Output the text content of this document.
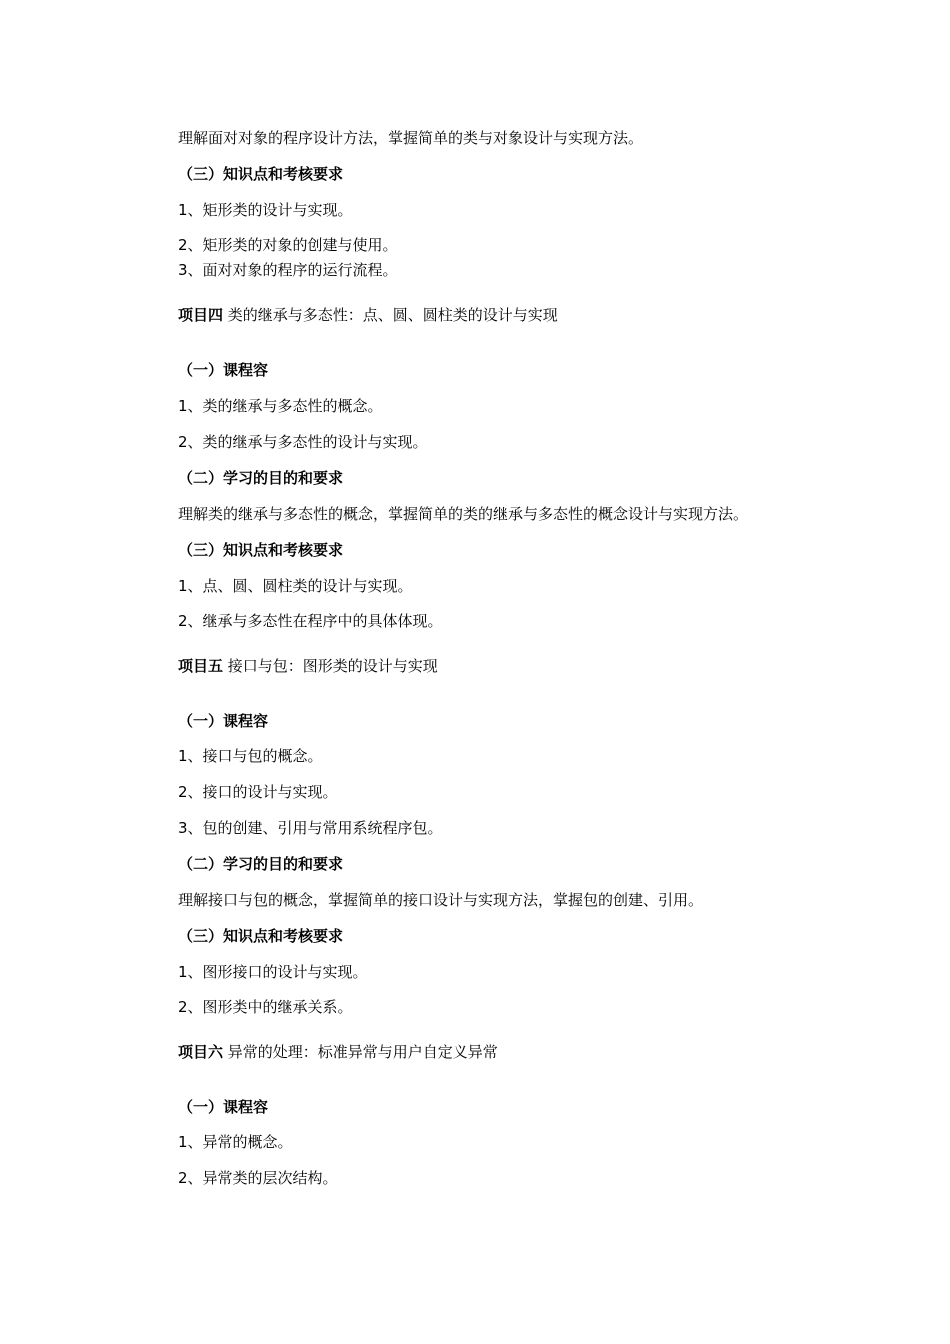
理解面对对象的程序设计方法，掌握简单的类与对象设计与实现方法。
（三）知识点和考核要求
1、矩形类的设计与实现。
2、矩形类的对象的创建与使用。
3、面对对象的程序的运行流程。
项目四 类的继承与多态性：点、圆、圆柱类的设计与实现
（一）课程容
1、类的继承与多态性的概念。
2、类的继承与多态性的设计与实现。
（二）学习的目的和要求
理解类的继承与多态性的概念，掌握简单的类的继承与多态性的概念设计与实现方法。
（三）知识点和考核要求
1、点、圆、圆柱类的设计与实现。
2、继承与多态性在程序中的具体体现。
项目五 接口与包：图形类的设计与实现
（一）课程容
1、接口与包的概念。
2、接口的设计与实现。
3、包的创建、引用与常用系统程序包。
（二）学习的目的和要求
理解接口与包的概念，掌握简单的接口设计与实现方法，掌握包的创建、引用。
（三）知识点和考核要求
1、图形接口的设计与实现。
2、图形类中的继承关系。
项目六 异常的处理：标准异常与用户自定义异常
（一）课程容
1、异常的概念。
2、异常类的层次结构。
